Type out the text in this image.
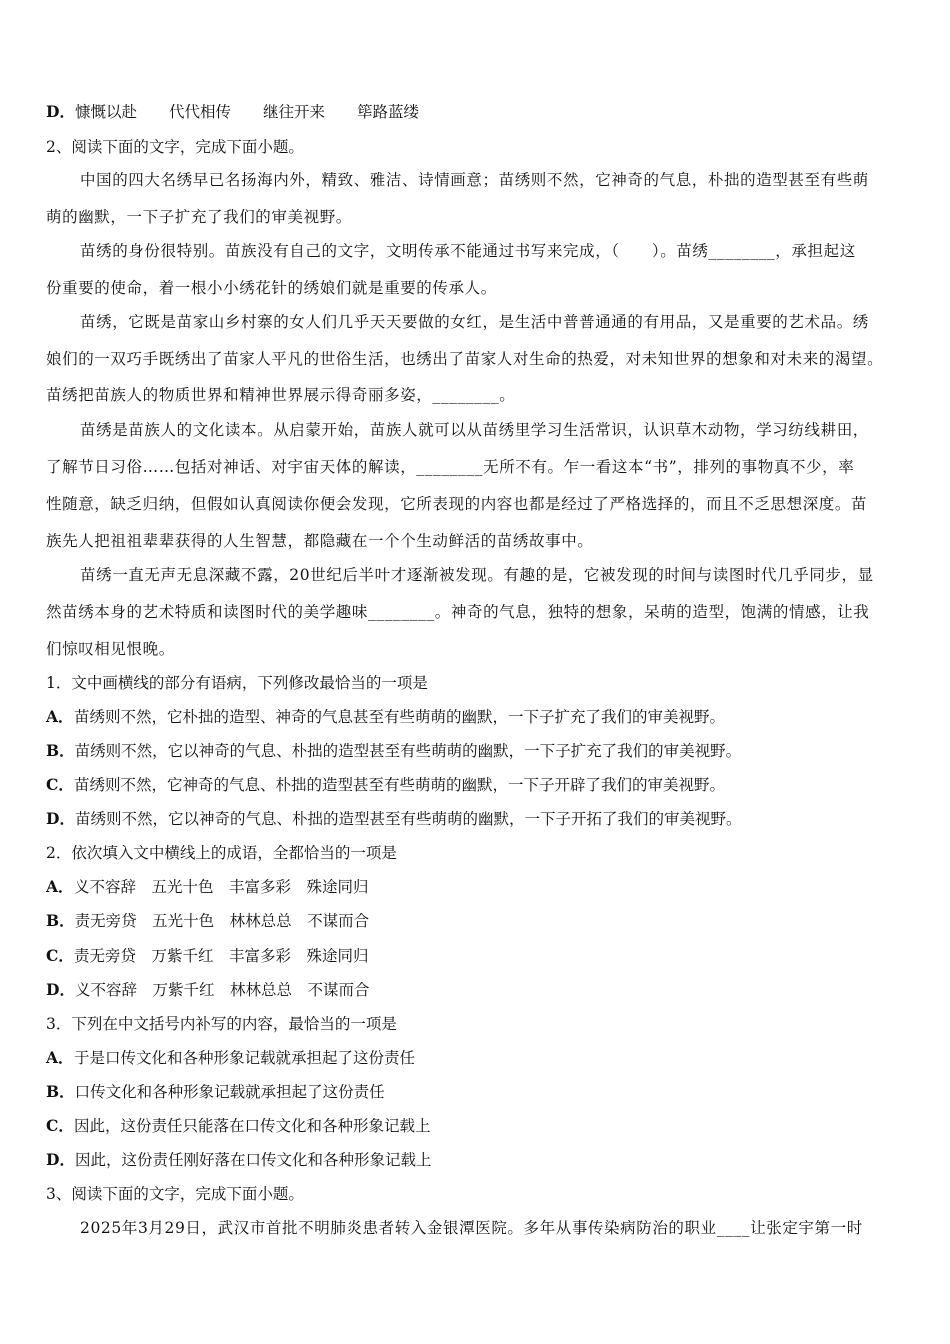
D．慷慨以赴 代代相传 继往开来 筚路蓝缕
2、阅读下面的文字，完成下面小题。
中国的四大名绣早已名扬海内外，精致、雅洁、诗情画意；苗绣则不然，它神奇的气息，朴拙的造型甚至有些萌
萌的幽默，一下子扩充了我们的审美视野。
苗绣的身份很特别。苗族没有自己的文字，文明传承不能通过书写来完成，（　　）。苗绣________，承担起这
份重要的使命，着一根小小绣花针的绣娘们就是重要的传承人。
苗绣，它既是苗家山乡村寨的女人们几乎天天要做的女红，是生活中普普通通的有用品，又是重要的艺术品。绣
娘们的一双巧手既绣出了苗家人平凡的世俗生活，也绣出了苗家人对生命的热爱，对未知世界的想象和对未来的渴望。
苗绣把苗族人的物质世界和精神世界展示得奇丽多姿，________。
苗绣是苗族人的文化读本。从启蒙开始，苗族人就可以从苗绣里学习生活常识，认识草木动物，学习纺线耕田，
了解节日习俗……包括对神话、对宇宙天体的解读，________无所不有。乍一看这本“书”，排列的事物真不少，率
性随意，缺乏归纳，但假如认真阅读你便会发现，它所表现的内容也都是经过了严格选择的，而且不乏思想深度。苗
族先人把祖祖辈辈获得的人生智慧，都隐藏在一个个生动鲜活的苗绣故事中。
苗绣一直无声无息深藏不露，20世纪后半叶才逐渐被发现。有趣的是，它被发现的时间与读图时代几乎同步，显
然苗绣本身的艺术特质和读图时代的美学趣味________。神奇的气息，独特的想象，呆萌的造型，饱满的情感，让我
们惊叹相见恨晚。
1．文中画横线的部分有语病，下列修改最恰当的一项是
A．苗绣则不然，它朴拙的造型、神奇的气息甚至有些萌萌的幽默，一下子扩充了我们的审美视野。
B．苗绣则不然，它以神奇的气息、朴拙的造型甚至有些萌萌的幽默，一下子扩充了我们的审美视野。
C．苗绣则不然，它神奇的气息、朴拙的造型甚至有些萌萌的幽默，一下子开辟了我们的审美视野。
D．苗绣则不然，它以神奇的气息、朴拙的造型甚至有些萌萌的幽默，一下子开拓了我们的审美视野。
2．依次填入文中横线上的成语，全都恰当的一项是
A．义不容辞　五光十色　丰富多彩　殊途同归
B．责无旁贷　五光十色　林林总总　不谋而合
C．责无旁贷　万紫千红　丰富多彩　殊途同归
D．义不容辞　万紫千红　林林总总　不谋而合
3．下列在中文括号内补写的内容，最恰当的一项是
A．于是口传文化和各种形象记载就承担起了这份责任
B．口传文化和各种形象记载就承担起了这份责任
C．因此，这份责任只能落在口传文化和各种形象记载上
D．因此，这份责任刚好落在口传文化和各种形象记载上
3、阅读下面的文字，完成下面小题。
2025年3月29日，武汉市首批不明肺炎患者转入金银潭医院。多年从事传染病防治的职业____让张定宇第一时
